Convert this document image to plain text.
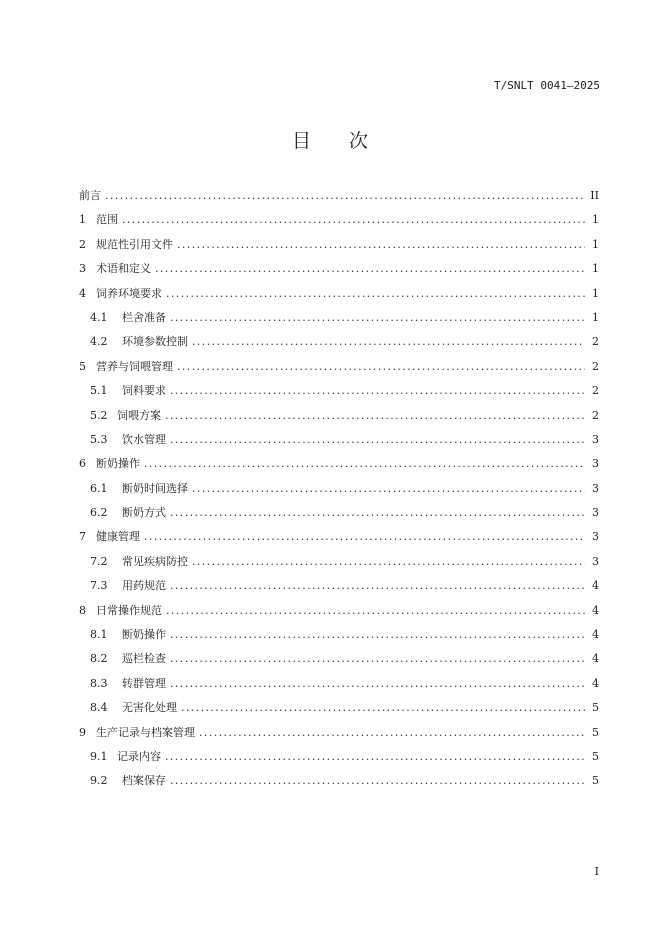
T/SNLT 0041—2025
目 次
前言 .....	II
1 范围 .....	1
2 规范性引用文件 .....	1
3 术语和定义 .....	1
4 饲养环境要求 .....	1
4.1	栏舍准备 .....	1
4.2	环境参数控制 .....	2
5 营养与饲喂管理 .....	2
5.1	饲料要求 .....	2
5.2 饲喂方案 .....	2
5.3	饮水管理 .....	3
6 断奶操作 .....	3
6.1	断奶时间选择 .....	3
6.2	断奶方式 .....	3
7 健康管理 .....	3
7.2	常见疾病防控 .....	3
7.3	用药规范 .....	4
8 日常操作规范 .....	4
8.1	断奶操作 .....	4
8.2	巡栏检查 .....	4
8.3	转群管理 .....	4
8.4	无害化处理 .....	5
9 生产记录与档案管理 .....	5
9.1 记录内容 .....	5
9.2	档案保存 .....	5
I
